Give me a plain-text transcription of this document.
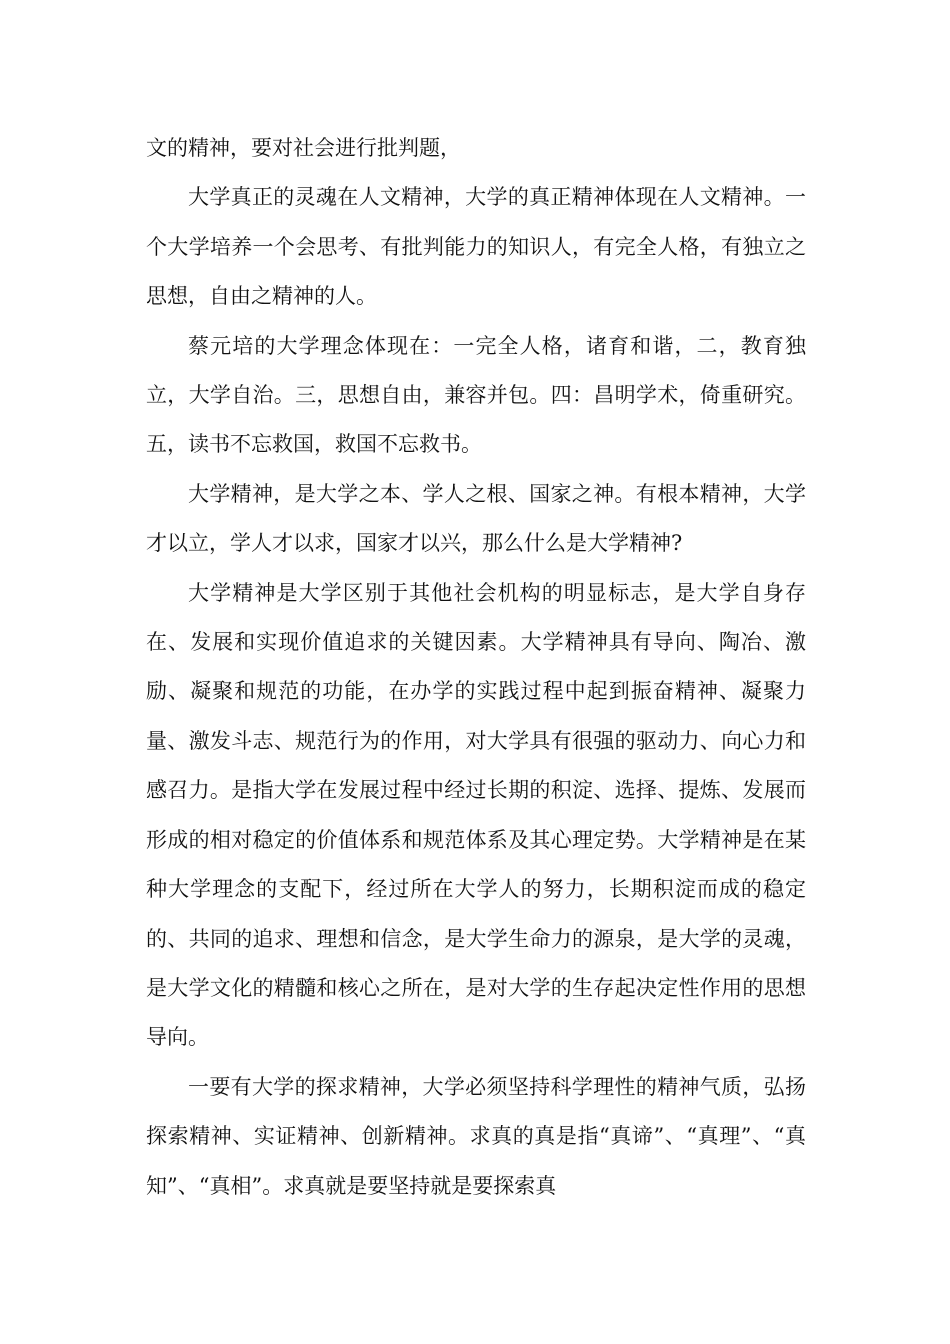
文的精神，要对社会进行批判题，

大学真正的灵魂在人文精神，大学的真正精神体现在人文精神。一个大学培养一个会思考、有批判能力的知识人，有完全人格，有独立之思想，自由之精神的人。

蔡元培的大学理念体现在：一完全人格，诸育和谐，二，教育独立，大学自治。三，思想自由，兼容并包。四：昌明学术，倚重研究。五，读书不忘救国，救国不忘救书。

大学精神，是大学之本、学人之根、国家之神。有根本精神，大学才以立，学人才以求，国家才以兴，那么什么是大学精神?

大学精神是大学区别于其他社会机构的明显标志，是大学自身存在、发展和实现价值追求的关键因素。大学精神具有导向、陶冶、激励、凝聚和规范的功能，在办学的实践过程中起到振奋精神、凝聚力量、激发斗志、规范行为的作用，对大学具有很强的驱动力、向心力和感召力。是指大学在发展过程中经过长期的积淀、选择、提炼、发展而形成的相对稳定的价值体系和规范体系及其心理定势。大学精神是在某种大学理念的支配下，经过所在大学人的努力，长期积淀而成的稳定的、共同的追求、理想和信念，是大学生命力的源泉，是大学的灵魂，是大学文化的精髓和核心之所在，是对大学的生存起决定性作用的思想导向。

一要有大学的探求精神，大学必须坚持科学理性的精神气质，弘扬探索精神、实证精神、创新精神。求真的真是指“真谛”、“真理”、“真知”、“真相”。求真就是要坚持就是要探索真
